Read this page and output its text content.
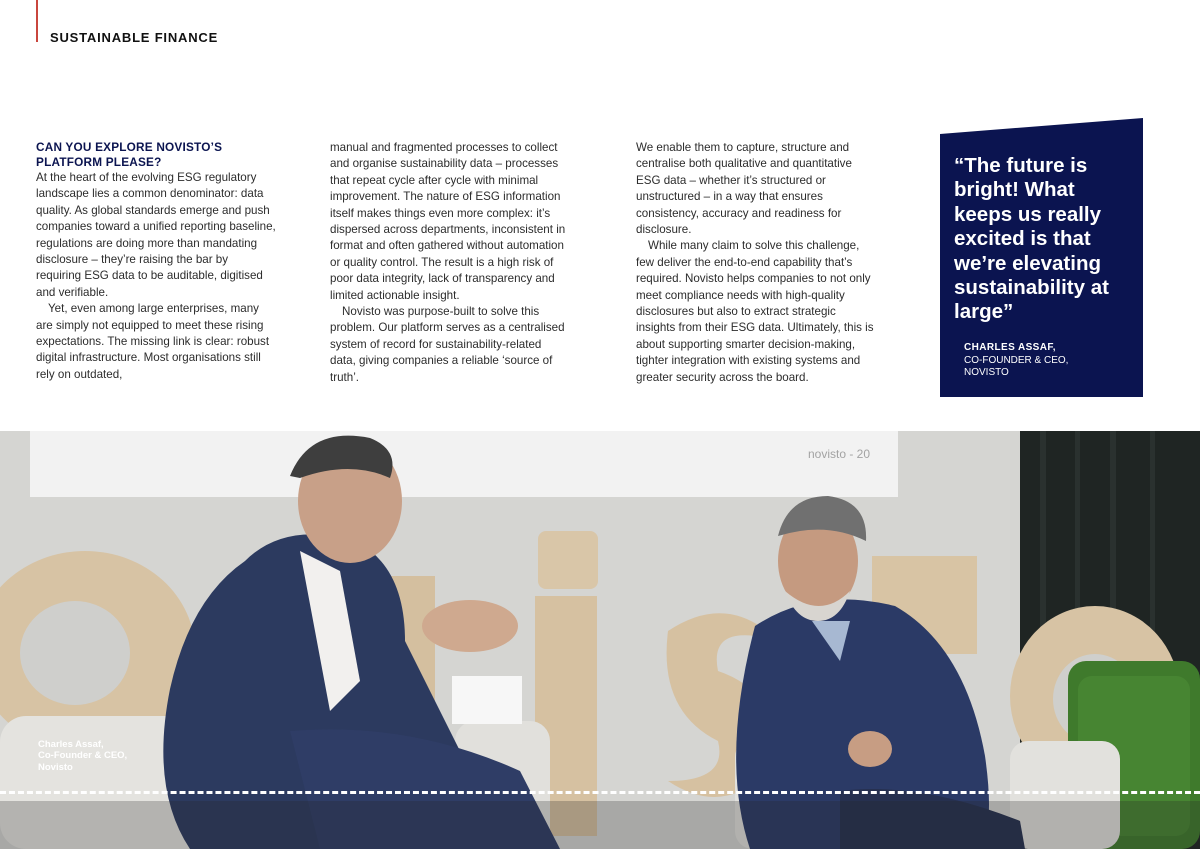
SUSTAINABLE FINANCE

CAN YOU EXPLORE NOVISTO’S PLATFORM PLEASE?

At the heart of the evolving ESG regulatory landscape lies a common denominator: data quality. As global standards emerge and push companies toward a unified reporting baseline, regulations are doing more than mandating disclosure – they’re raising the bar by requiring ESG data to be auditable, digitised and verifiable.

Yet, even among large enterprises, many are simply not equipped to meet these rising expectations. The missing link is clear: robust digital infrastructure. Most organisations still rely on outdated,

manual and fragmented processes to collect and organise sustainability data – processes that repeat cycle after cycle with minimal improvement. The nature of ESG information itself makes things even more complex: it’s dispersed across departments, inconsistent in format and often gathered without automation or quality control. The result is a high risk of poor data integrity, lack of transparency and limited actionable insight.

Novisto was purpose-built to solve this problem. Our platform serves as a centralised system of record for sustainability-related data, giving companies a reliable ‘source of truth’.

We enable them to capture, structure and centralise both qualitative and quantitative ESG data – whether it’s structured or unstructured – in a way that ensures consistency, accuracy and readiness for disclosure.

While many claim to solve this challenge, few deliver the end-to-end capability that’s required. Novisto helps companies to not only meet compliance needs with high-quality disclosures but also to extract strategic insights from their ESG data. Ultimately, this is about supporting smarter decision-making, tighter integration with existing systems and greater security across the board.

“The future is bright! What keeps us really excited is that we’re elevating sustainability at large”
CHARLES ASSAF,
CO-FOUNDER & CEO,
NOVISTO
novisto - 20
Charles Assaf,
Co-Founder & CEO,
Novisto
